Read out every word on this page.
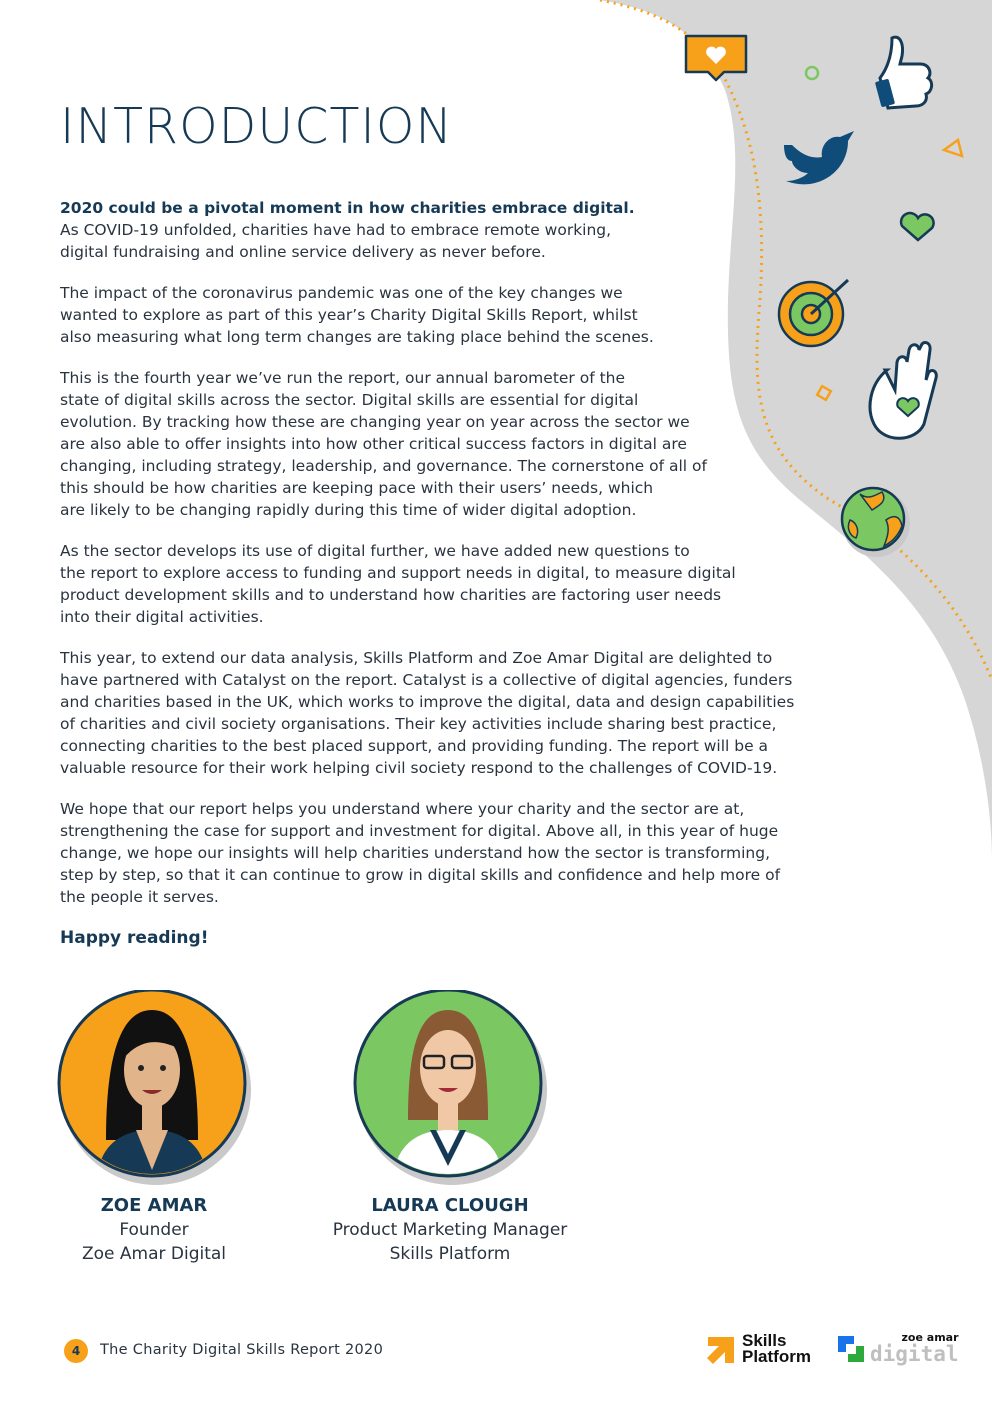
INTRODUCTION

2020 could be a pivotal moment in how charities embrace digital.
As COVID-19 unfolded, charities have had to embrace remote working,
digital fundraising and online service delivery as never before.

The impact of the coronavirus pandemic was one of the key changes we
wanted to explore as part of this year’s Charity Digital Skills Report, whilst
also measuring what long term changes are taking place behind the scenes.

This is the fourth year we’ve run the report, our annual barometer of the
state of digital skills across the sector. Digital skills are essential for digital
evolution. By tracking how these are changing year on year across the sector we
are also able to offer insights into how other critical success factors in digital are
changing, including strategy, leadership, and governance. The cornerstone of all of
this should be how charities are keeping pace with their users’ needs, which
are likely to be changing rapidly during this time of wider digital adoption.

As the sector develops its use of digital further, we have added new questions to
the report to explore access to funding and support needs in digital, to measure digital
product development skills and to understand how charities are factoring user needs
into their digital activities.

This year, to extend our data analysis, Skills Platform and Zoe Amar Digital are delighted to
have partnered with Catalyst on the report. Catalyst is a collective of digital agencies, funders
and charities based in the UK, which works to improve the digital, data and design capabilities
of charities and civil society organisations. Their key activities include sharing best practice,
connecting charities to the best placed support, and providing funding. The report will be a
valuable resource for their work helping civil society respond to the challenges of COVID-19.

We hope that our report helps you understand where your charity and the sector are at,
strengthening the case for support and investment for digital. Above all, in this year of huge
change, we hope our insights will help charities understand how the sector is transforming,
step by step, so that it can continue to grow in digital skills and confidence and help more of
the people it serves.

Happy reading!
ZOE AMAR
Founder
Zoe Amar Digital
LAURA CLOUGH
Product Marketing Manager
Skills Platform
4	The Charity Digital Skills Report 2020	Skills
Platform
zoe amar
digital
